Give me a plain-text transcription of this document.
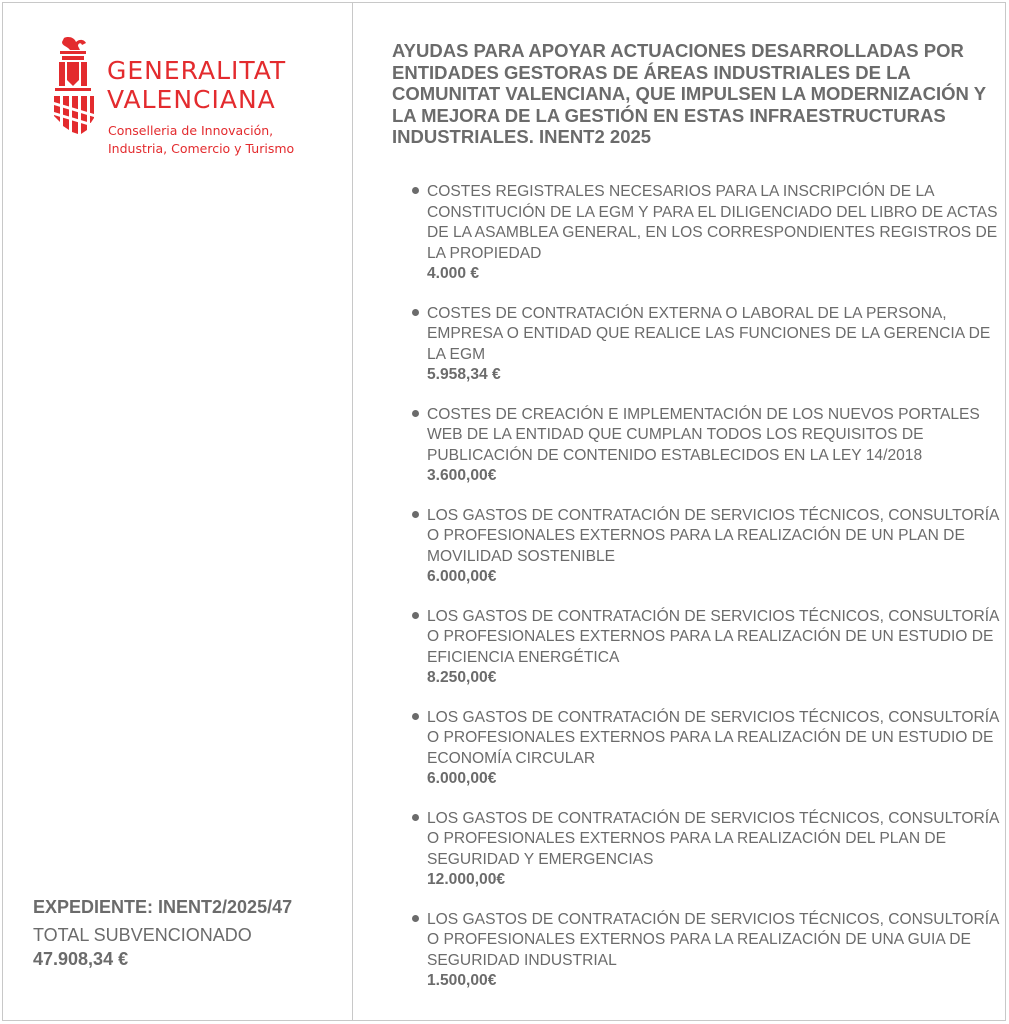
GENERALITAT
VALENCIANA
Conselleria de Innovación,
Industria, Comercio y Turismo
EXPEDIENTE: INENT2/2025/47
TOTAL SUBVENCIONADO
47.908,34 €
AYUDAS PARA APOYAR ACTUACIONES DESARROLLADAS POR ENTIDADES GESTORAS DE ÁREAS INDUSTRIALES DE LA COMUNITAT VALENCIANA, QUE IMPULSEN LA MODERNIZACIÓN Y LA MEJORA DE LA GESTIÓN EN ESTAS INFRAESTRUCTURAS INDUSTRIALES. INENT2 2025
COSTES REGISTRALES NECESARIOS PARA LA INSCRIPCIÓN DE LA CONSTITUCIÓN DE LA EGM Y PARA EL DILIGENCIADO DEL LIBRO DE ACTAS DE LA ASAMBLEA GENERAL, EN LOS CORRESPONDIENTES REGISTROS DE LA PROPIEDAD
4.000 €
COSTES DE CONTRATACIÓN EXTERNA O LABORAL DE LA PERSONA, EMPRESA O ENTIDAD QUE REALICE LAS FUNCIONES DE LA GERENCIA DE LA EGM
5.958,34 €
COSTES DE CREACIÓN E IMPLEMENTACIÓN DE LOS NUEVOS PORTALES WEB DE LA ENTIDAD QUE CUMPLAN TODOS LOS REQUISITOS DE PUBLICACIÓN DE CONTENIDO ESTABLECIDOS EN LA LEY 14/2018
3.600,00€
LOS GASTOS DE CONTRATACIÓN DE SERVICIOS TÉCNICOS, CONSULTORÍA O PROFESIONALES EXTERNOS PARA LA REALIZACIÓN DE UN PLAN DE MOVILIDAD SOSTENIBLE
6.000,00€
LOS GASTOS DE CONTRATACIÓN DE SERVICIOS TÉCNICOS, CONSULTORÍA O PROFESIONALES EXTERNOS PARA LA REALIZACIÓN DE UN ESTUDIO DE EFICIENCIA ENERGÉTICA
8.250,00€
LOS GASTOS DE CONTRATACIÓN DE SERVICIOS TÉCNICOS, CONSULTORÍA O PROFESIONALES EXTERNOS PARA LA REALIZACIÓN DE UN ESTUDIO DE ECONOMÍA CIRCULAR
6.000,00€
LOS GASTOS DE CONTRATACIÓN DE SERVICIOS TÉCNICOS, CONSULTORÍA O PROFESIONALES EXTERNOS PARA LA REALIZACIÓN DEL PLAN DE SEGURIDAD Y EMERGENCIAS
12.000,00€
LOS GASTOS DE CONTRATACIÓN DE SERVICIOS TÉCNICOS, CONSULTORÍA O PROFESIONALES EXTERNOS PARA LA REALIZACIÓN DE UNA GUIA DE SEGURIDAD INDUSTRIAL
1.500,00€
